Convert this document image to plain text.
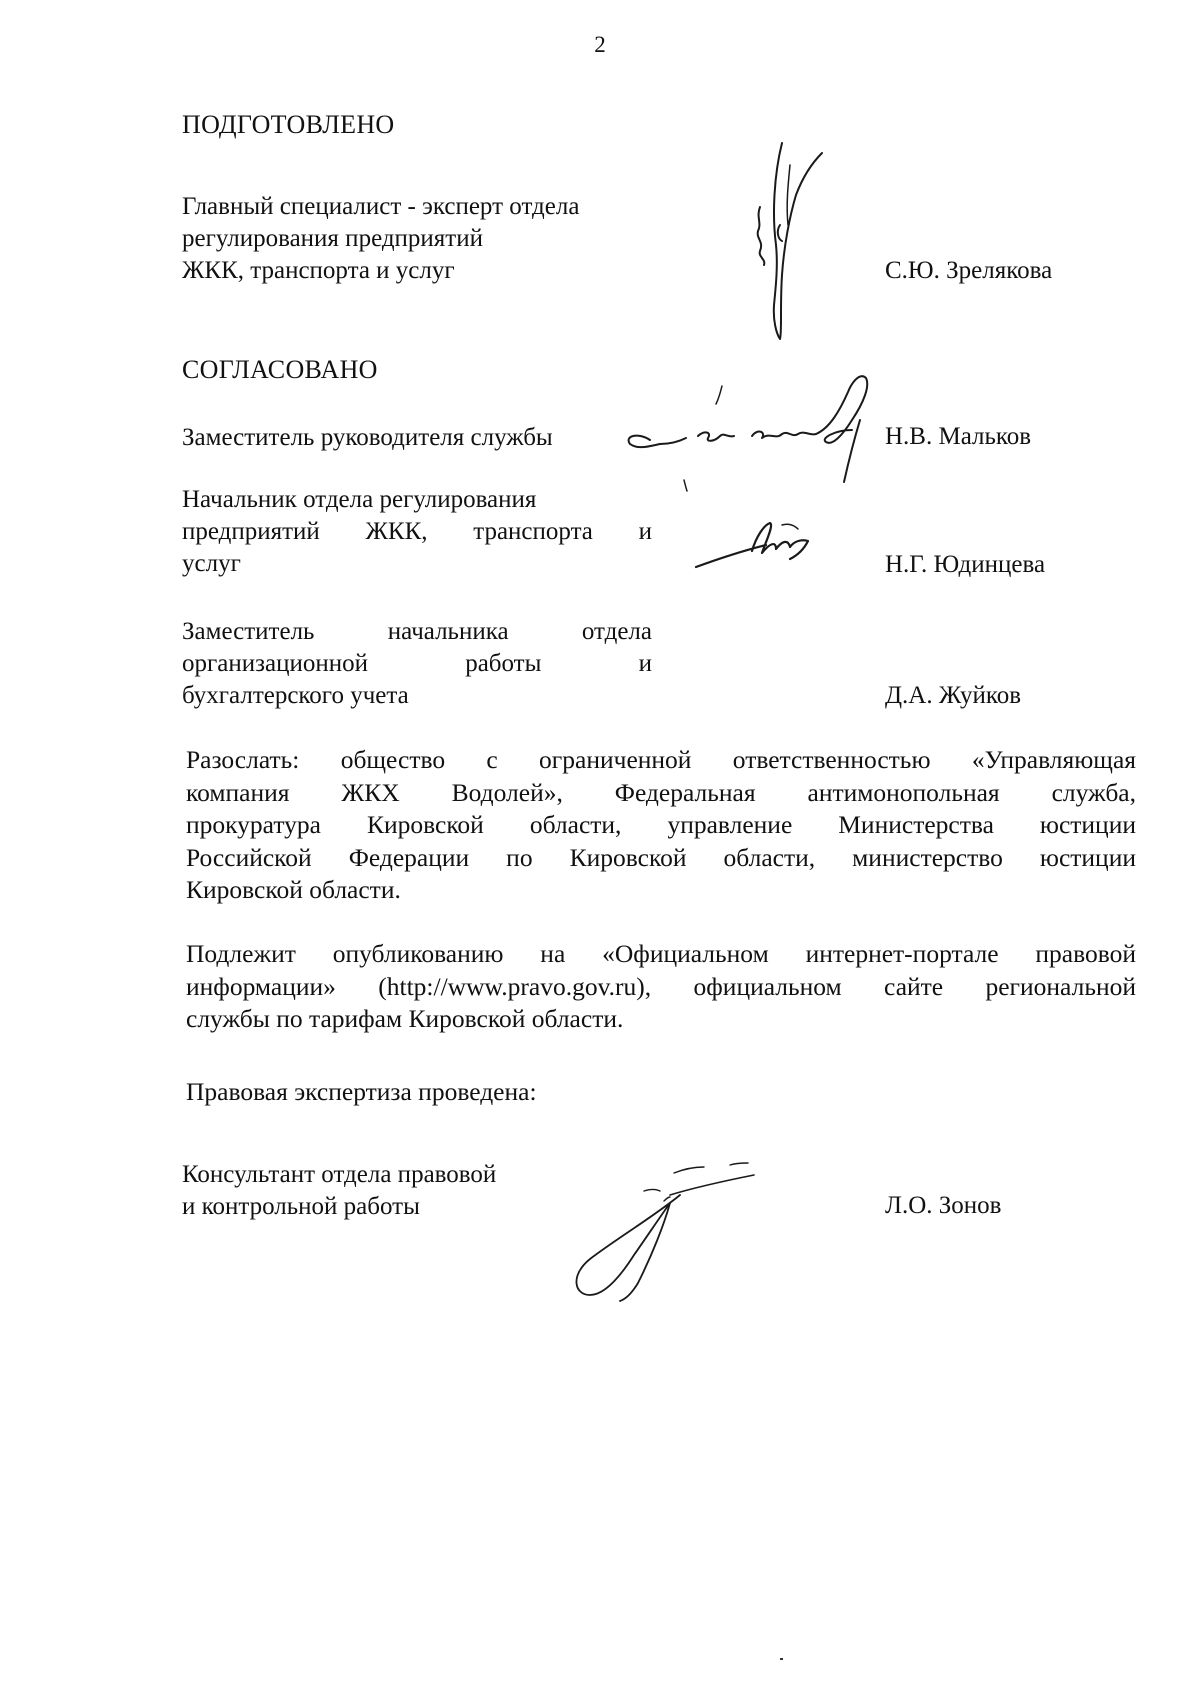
2
ПОДГОТОВЛЕНО
Главный специалист - эксперт отдела
регулирования предприятий
ЖКК, транспорта и услуг	С.Ю. Зрелякова
СОГЛАСОВАНО
Заместитель руководителя службы	Н.В. Мальков
Начальник отдела регулирования
предприятий ЖКК, транспорта и
услуг	Н.Г. Юдинцева
Заместитель начальника отдела
организационной работы и
бухгалтерского учета	Д.А. Жуйков
Разослать: общество с ограниченной ответственностью «Управляющая
компания ЖКХ Водолей», Федеральная антимонопольная служба,
прокуратура Кировской области, управление Министерства юстиции
Российской Федерации по Кировской области, министерство юстиции
Кировской области.
Подлежит опубликованию на «Официальном интернет-портале правовой
информации» (http://www.pravo.gov.ru), официальном сайте региональной
службы по тарифам Кировской области.
Правовая экспертиза проведена:
Консультант отдела правовой
и контрольной работы	Л.О. Зонов
